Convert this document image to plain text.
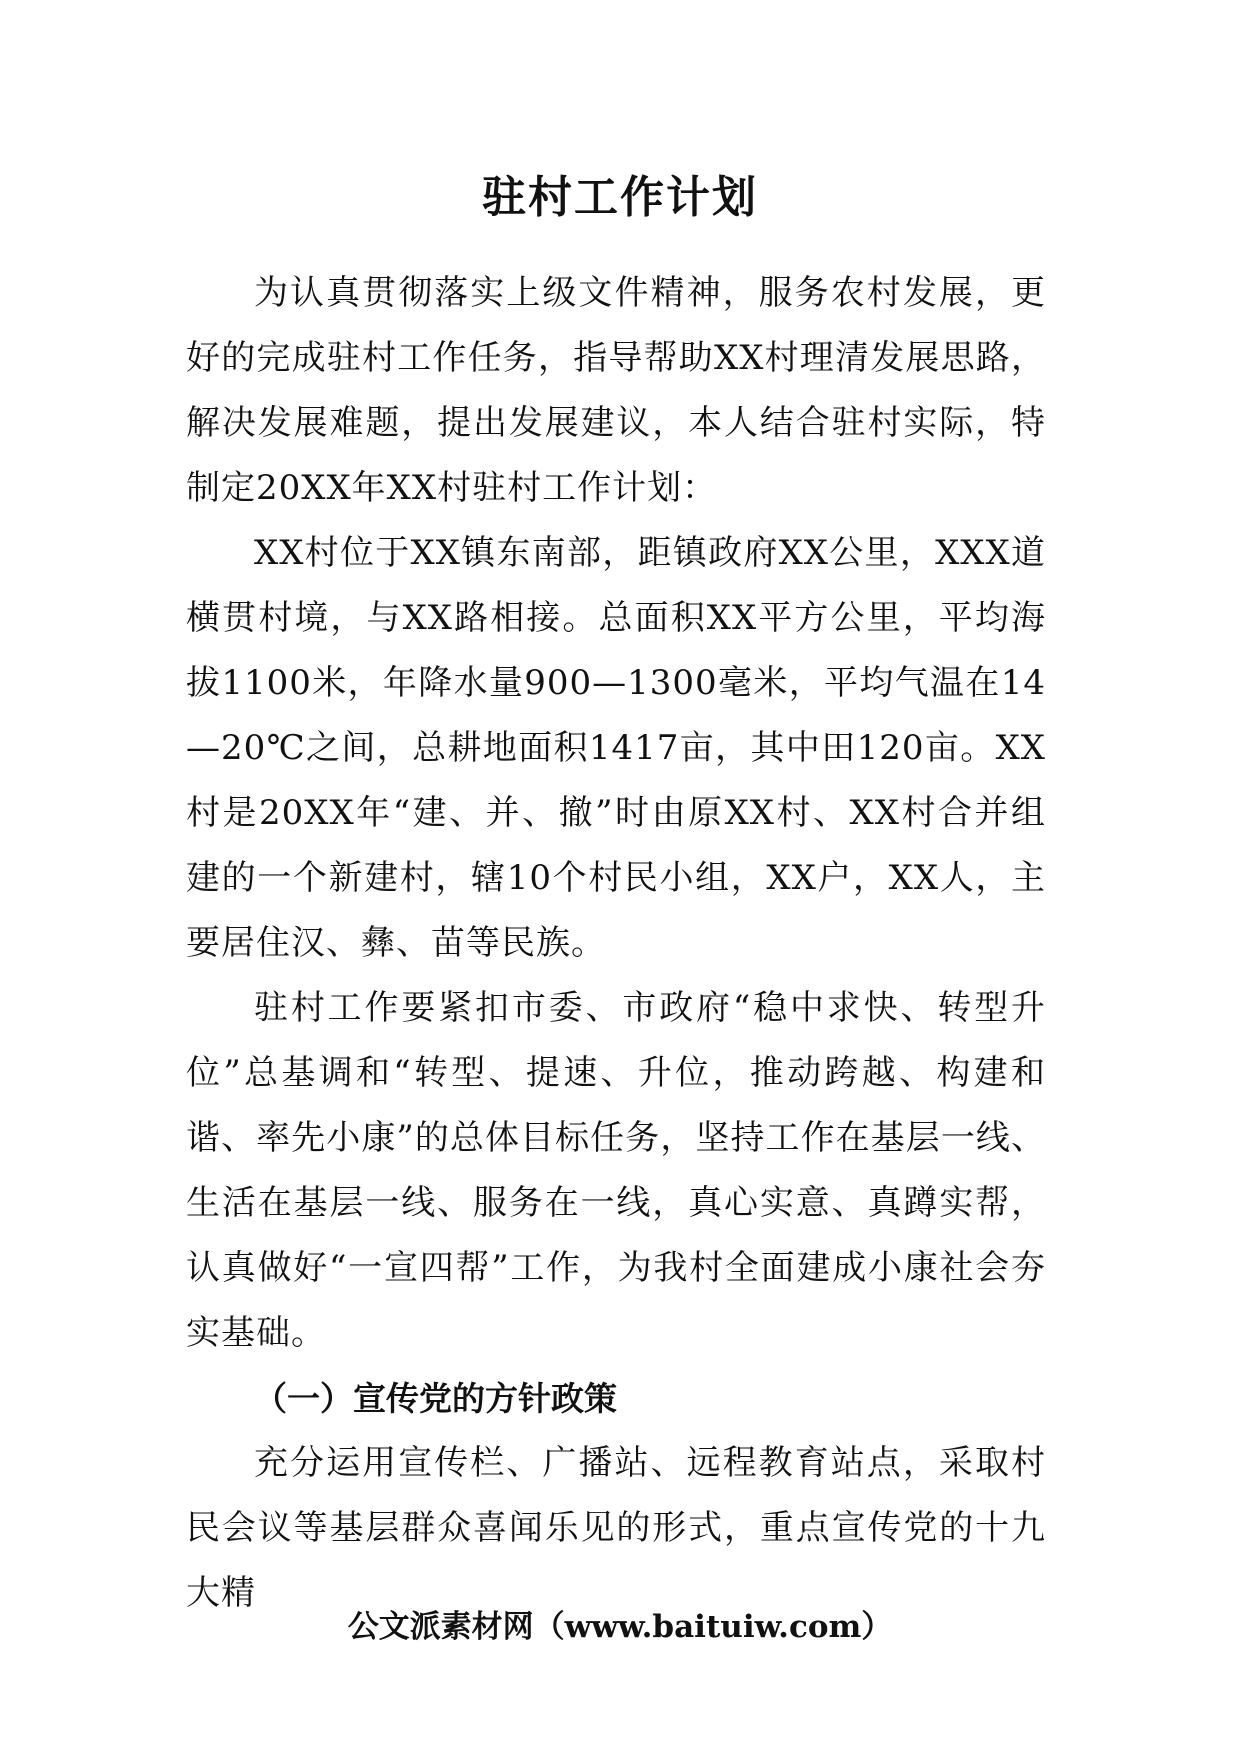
驻村工作计划

为认真贯彻落实上级文件精神，服务农村发展，更好的完成驻村工作任务，指导帮助XX村理清发展思路，解决发展难题，提出发展建议，本人结合驻村实际，特制定20XX年XX村驻村工作计划：

XX村位于XX镇东南部，距镇政府XX公里，XXX道横贯村境，与XX路相接。总面积XX平方公里，平均海拔1100米，年降水量900—1300毫米，平均气温在14—20℃之间，总耕地面积1417亩，其中田120亩。XX村是20XX年“建、并、撤”时由原XX村、XX村合并组建的一个新建村，辖10个村民小组，XX户，XX人，主要居住汉、彝、苗等民族。

驻村工作要紧扣市委、市政府“稳中求快、转型升位”总基调和“转型、提速、升位，推动跨越、构建和谐、率先小康”的总体目标任务，坚持工作在基层一线、生活在基层一线、服务在一线，真心实意、真蹲实帮，认真做好“一宣四帮”工作，为我村全面建成小康社会夯实基础。

（一）宣传党的方针政策

充分运用宣传栏、广播站、远程教育站点，采取村民会议等基层群众喜闻乐见的形式，重点宣传党的十九大精

公文派素材网（www.baituiw.com）
